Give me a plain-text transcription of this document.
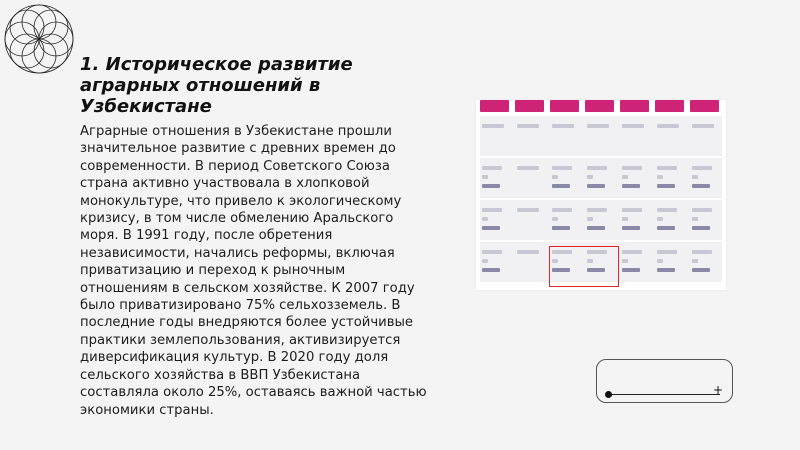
1. Историческое развитие аграрных отношений в Узбекистане

Аграрные отношения в Узбекистане прошли значительное развитие с древних времен до современности. В период Советского Союза страна активно участвовала в хлопковой монокультуре, что привело к экологическому кризису, в том числе обмелению Аральского моря. В 1991 году, после обретения независимости, начались реформы, включая приватизацию и переход к рыночным отношениям в сельском хозяйстве. К 2007 году было приватизировано 75% сельхозземель. В последние годы внедряются более устойчивые практики землепользования, активизируется диверсификация культур. В 2020 году доля сельского хозяйства в ВВП Узбекистана составляла около 25%, оставаясь важной частью экономики страны.

+
